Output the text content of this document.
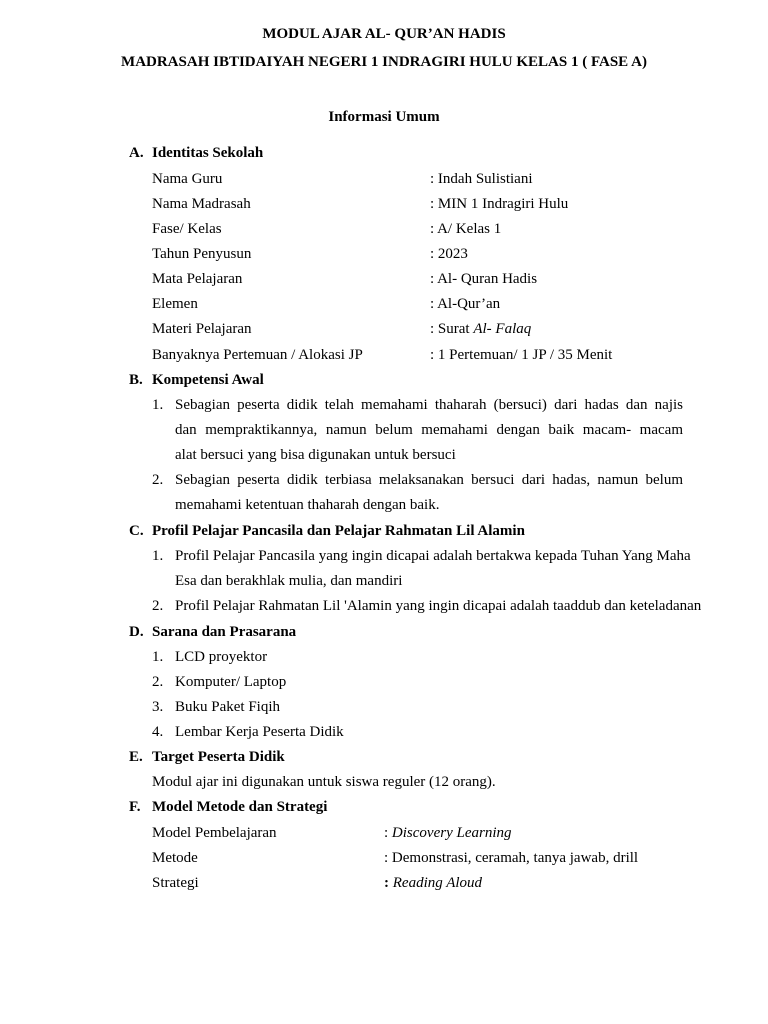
MODUL AJAR AL- QUR’AN HADIS
MADRASAH IBTIDAIYAH NEGERI 1 INDRAGIRI HULU KELAS 1 ( FASE A)
Informasi Umum
A. Identitas Sekolah
Nama Guru	: Indah Sulistiani
Nama Madrasah	: MIN 1 Indragiri Hulu
Fase/ Kelas	: A/ Kelas 1
Tahun Penyusun	: 2023
Mata Pelajaran	: Al- Quran Hadis
Elemen	: Al-Qur’an
Materi Pelajaran	: Surat Al- Falaq
Banyaknya Pertemuan / Alokasi JP	: 1 Pertemuan/ 1 JP / 35 Menit
B. Kompetensi Awal
1. Sebagian peserta didik telah memahami thaharah (bersuci) dari hadas dan najis
dan mempraktikannya, namun belum memahami dengan baik macam- macam
alat bersuci yang bisa digunakan untuk bersuci
2. Sebagian peserta didik terbiasa melaksanakan bersuci dari hadas, namun belum
memahami ketentuan thaharah dengan baik.
C. Profil Pelajar Pancasila dan Pelajar Rahmatan Lil Alamin
1. Profil Pelajar Pancasila yang ingin dicapai adalah bertakwa kepada Tuhan Yang Maha
Esa dan berakhlak mulia, dan mandiri
2. Profil Pelajar Rahmatan Lil 'Alamin yang ingin dicapai adalah taaddub dan keteladanan
D. Sarana dan Prasarana
1. LCD proyektor
2. Komputer/ Laptop
3. Buku Paket Fiqih
4. Lembar Kerja Peserta Didik
E. Target Peserta Didik
Modul ajar ini digunakan untuk siswa reguler (12 orang).
F. Model Metode dan Strategi
Model Pembelajaran	: Discovery Learning
Metode	: Demonstrasi, ceramah, tanya jawab, drill
Strategi	: Reading Aloud
